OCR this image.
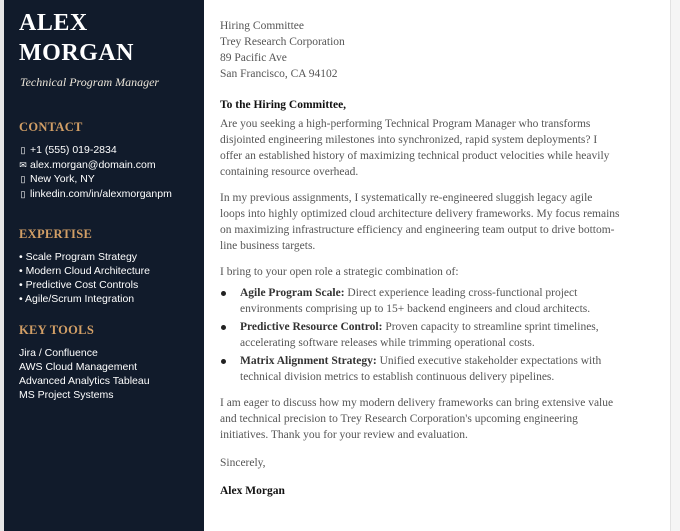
ALEX
MORGAN
Technical Program Manager
CONTACT
▯ +1 (555) 019-2834
✉ alex.morgan@domain.com
▯ New York, NY
▯ linkedin.com/in/alexmorganpm
EXPERTISE
• Scale Program Strategy
• Modern Cloud Architecture
• Predictive Cost Controls
• Agile/Scrum Integration
KEY TOOLS
Jira / Confluence
AWS Cloud Management
Advanced Analytics Tableau
MS Project Systems
Hiring Committee
Trey Research Corporation
89 Pacific Ave
San Francisco, CA 94102
To the Hiring Committee,
Are you seeking a high-performing Technical Program Manager who transforms disjointed engineering milestones into synchronized, rapid system deployments? I offer an established history of maximizing technical product velocities while heavily containing resource overhead.
In my previous assignments, I systematically re-engineered sluggish legacy agile loops into highly optimized cloud architecture delivery frameworks. My focus remains on maximizing infrastructure efficiency and engineering team output to drive bottom-line business targets.
I bring to your open role a strategic combination of:
Agile Program Scale: Direct experience leading cross-functional project environments comprising up to 15+ backend engineers and cloud architects.
Predictive Resource Control: Proven capacity to streamline sprint timelines, accelerating software releases while trimming operational costs.
Matrix Alignment Strategy: Unified executive stakeholder expectations with technical division metrics to establish continuous delivery pipelines.
I am eager to discuss how my modern delivery frameworks can bring extensive value and technical precision to Trey Research Corporation's upcoming engineering initiatives. Thank you for your review and evaluation.
Sincerely,
Alex Morgan
